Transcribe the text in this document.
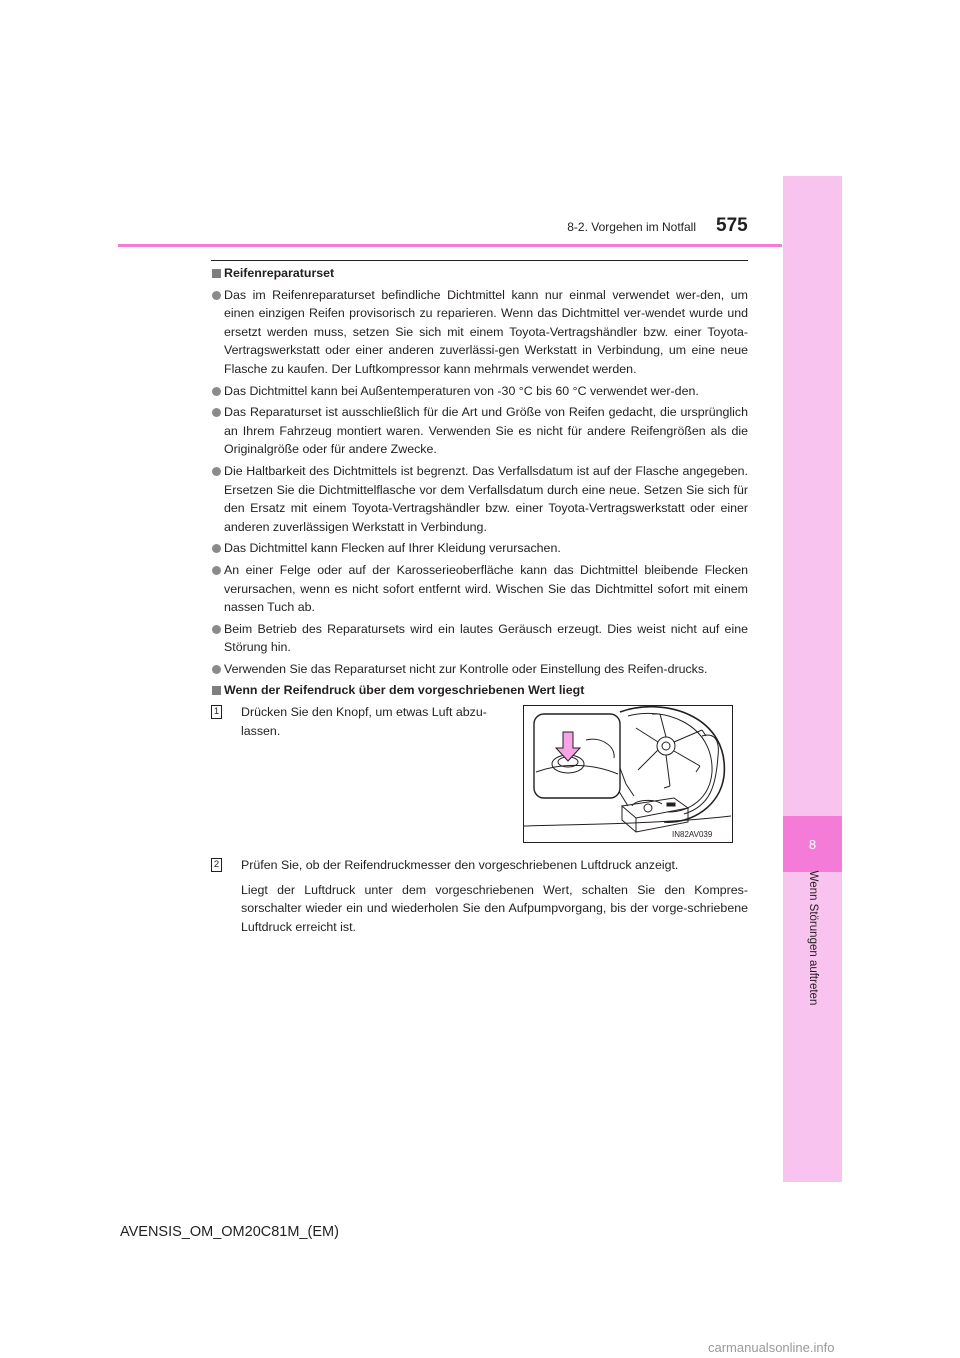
8
Wenn Störungen auftreten
8-2. Vorgehen im Notfall 575
Reifenreparaturset
Das im Reifenreparaturset befindliche Dichtmittel kann nur einmal verwendet wer-den, um einen einzigen Reifen provisorisch zu reparieren. Wenn das Dichtmittel ver-wendet wurde und ersetzt werden muss, setzen Sie sich mit einem Toyota-Vertragshändler bzw. einer Toyota-Vertragswerkstatt oder einer anderen zuverlässi-gen Werkstatt in Verbindung, um eine neue Flasche zu kaufen. Der Luftkompressor kann mehrmals verwendet werden.
Das Dichtmittel kann bei Außentemperaturen von -30 °C bis 60 °C verwendet wer-den.
Das Reparaturset ist ausschließlich für die Art und Größe von Reifen gedacht, die ursprünglich an Ihrem Fahrzeug montiert waren. Verwenden Sie es nicht für andere Reifengrößen als die Originalgröße oder für andere Zwecke.
Die Haltbarkeit des Dichtmittels ist begrenzt. Das Verfallsdatum ist auf der Flasche angegeben. Ersetzen Sie die Dichtmittelflasche vor dem Verfallsdatum durch eine neue. Setzen Sie sich für den Ersatz mit einem Toyota-Vertragshändler bzw. einer Toyota-Vertragswerkstatt oder einer anderen zuverlässigen Werkstatt in Verbindung.
Das Dichtmittel kann Flecken auf Ihrer Kleidung verursachen.
An einer Felge oder auf der Karosserieoberfläche kann das Dichtmittel bleibende Flecken verursachen, wenn es nicht sofort entfernt wird. Wischen Sie das Dichtmittel sofort mit einem nassen Tuch ab.
Beim Betrieb des Reparatursets wird ein lautes Geräusch erzeugt. Dies weist nicht auf eine Störung hin.
Verwenden Sie das Reparaturset nicht zur Kontrolle oder Einstellung des Reifen-drucks.
Wenn der Reifendruck über dem vorgeschriebenen Wert liegt
1 Drücken Sie den Knopf, um etwas Luft abzu-lassen.
IN82AV039
2 Prüfen Sie, ob der Reifendruckmesser den vorgeschriebenen Luftdruck anzeigt.
Liegt der Luftdruck unter dem vorgeschriebenen Wert, schalten Sie den Kompres-sorschalter wieder ein und wiederholen Sie den Aufpumpvorgang, bis der vorge-schriebene Luftdruck erreicht ist.
AVENSIS_OM_OM20C81M_(EM)
carmanualsonline.info
